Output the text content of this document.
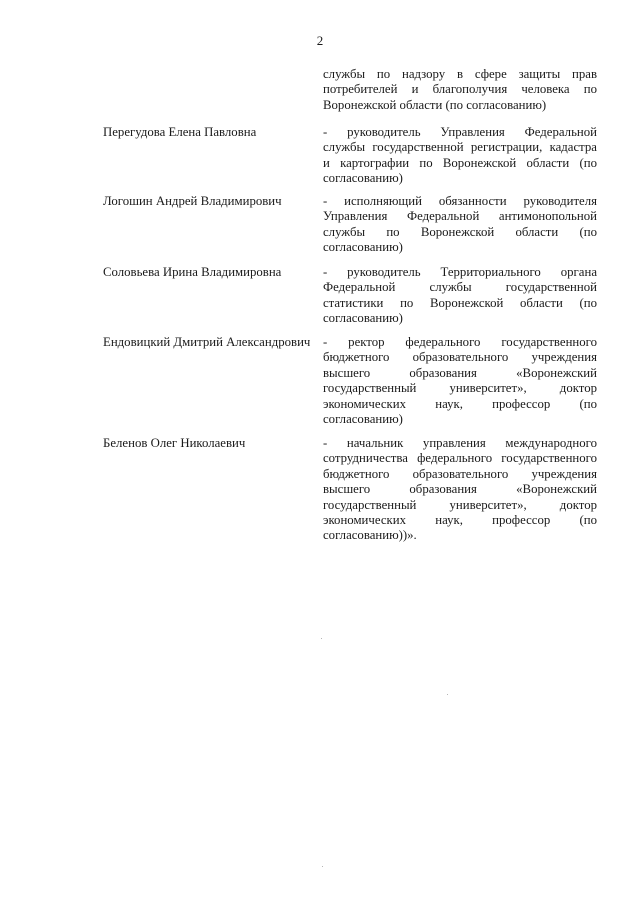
2
службы по надзору в сфере защиты прав
потребителей и благополучия человека по
Воронежской области (по согласованию)
Перегудова Елена Павловна	- руководитель Управления Федеральной
службы государственной регистрации, кадастра
и картографии по Воронежской области (по
согласованию)
Логошин Андрей Владимирович	- исполняющий обязанности руководителя
Управления Федеральной антимонопольной
службы по Воронежской области (по
согласованию)
Соловьева Ирина Владимировна	- руководитель Территориального органа
Федеральной службы государственной
статистики по Воронежской области (по
согласованию)
Ендовицкий Дмитрий Александрович - ректор федерального государственного
бюджетного образовательного учреждения
высшего образования «Воронежский
государственный университет», доктор
экономических наук, профессор (по
согласованию)
Беленов Олег Николаевич	- начальник управления международного
сотрудничества федерального государственного
бюджетного образовательного учреждения
высшего образования «Воронежский
государственный университет», доктор
экономических наук, профессор (по
согласованию))».
